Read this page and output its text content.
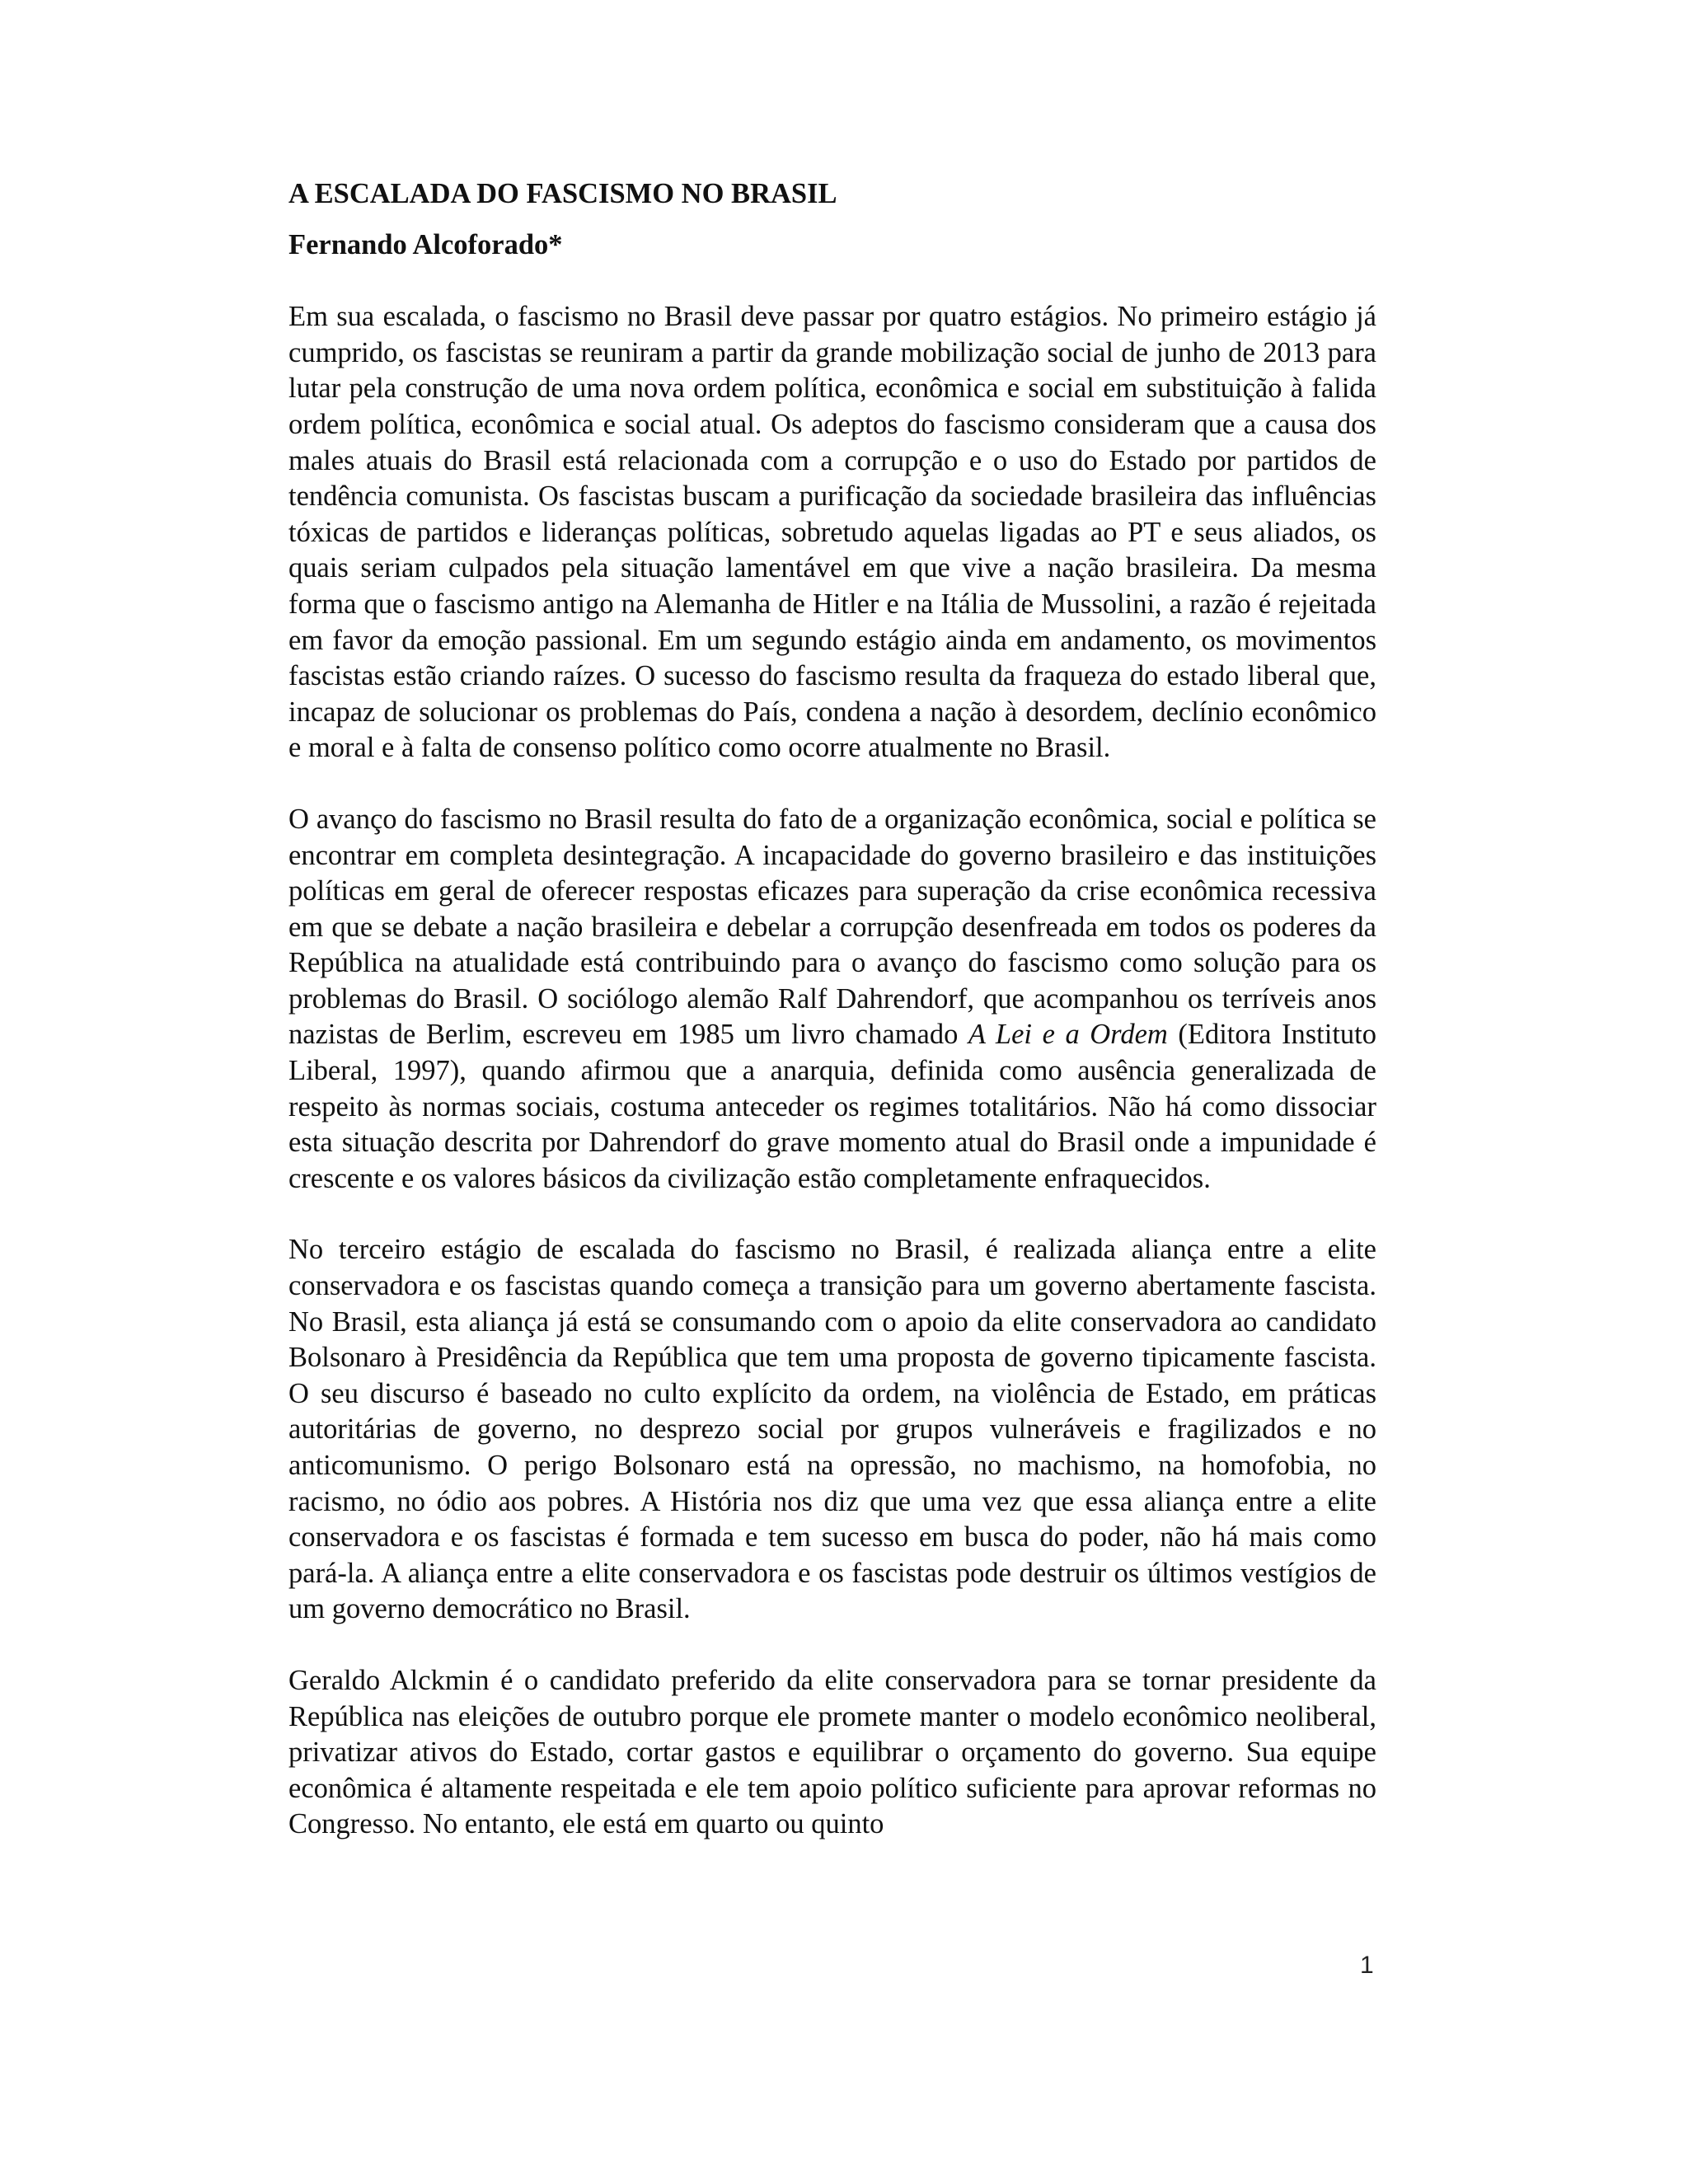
A ESCALADA DO FASCISMO NO BRASIL
Fernando Alcoforado*

Em sua escalada, o fascismo no Brasil deve passar por quatro estágios. No primeiro estágio já cumprido, os fascistas se reuniram a partir da grande mobilização social de junho de 2013 para lutar pela construção de uma nova ordem política, econômica e social em substituição à falida ordem política, econômica e social atual. Os adeptos do fascismo consideram que a causa dos males atuais do Brasil está relacionada com a corrupção e o uso do Estado por partidos de tendência comunista. Os fascistas buscam a purificação da sociedade brasileira das influências tóxicas de partidos e lideranças políticas, sobretudo aquelas ligadas ao PT e seus aliados, os quais seriam culpados pela situação lamentável em que vive a nação brasileira. Da mesma forma que o fascismo antigo na Alemanha de Hitler e na Itália de Mussolini, a razão é rejeitada em favor da emoção passional. Em um segundo estágio ainda em andamento, os movimentos fascistas estão criando raízes. O sucesso do fascismo resulta da fraqueza do estado liberal que, incapaz de solucionar os problemas do País, condena a nação à desordem, declínio econômico e moral e à falta de consenso político como ocorre atualmente no Brasil.

O avanço do fascismo no Brasil resulta do fato de a organização econômica, social e política se encontrar em completa desintegração. A incapacidade do governo brasileiro e das instituições políticas em geral de oferecer respostas eficazes para superação da crise econômica recessiva em que se debate a nação brasileira e debelar a corrupção desenfreada em todos os poderes da República na atualidade está contribuindo para o avanço do fascismo como solução para os problemas do Brasil. O sociólogo alemão Ralf Dahrendorf, que acompanhou os terríveis anos nazistas de Berlim, escreveu em 1985 um livro chamado A Lei e a Ordem (Editora Instituto Liberal, 1997), quando afirmou que a anarquia, definida como ausência generalizada de respeito às normas sociais, costuma anteceder os regimes totalitários. Não há como dissociar esta situação descrita por Dahrendorf do grave momento atual do Brasil onde a impunidade é crescente e os valores básicos da civilização estão completamente enfraquecidos.

No terceiro estágio de escalada do fascismo no Brasil, é realizada aliança entre a elite conservadora e os fascistas quando começa a transição para um governo abertamente fascista. No Brasil, esta aliança já está se consumando com o apoio da elite conservadora ao candidato Bolsonaro à Presidência da República que tem uma proposta de governo tipicamente fascista. O seu discurso é baseado no culto explícito da ordem, na violência de Estado, em práticas autoritárias de governo, no desprezo social por grupos vulneráveis e fragilizados e no anticomunismo. O perigo Bolsonaro está na opressão, no machismo, na homofobia, no racismo, no ódio aos pobres. A História nos diz que uma vez que essa aliança entre a elite conservadora e os fascistas é formada e tem sucesso em busca do poder, não há mais como pará-la. A aliança entre a elite conservadora e os fascistas pode destruir os últimos vestígios de um governo democrático no Brasil.

Geraldo Alckmin é o candidato preferido da elite conservadora para se tornar presidente da República nas eleições de outubro porque ele promete manter o modelo econômico neoliberal, privatizar ativos do Estado, cortar gastos e equilibrar o orçamento do governo. Sua equipe econômica é altamente respeitada e ele tem apoio político suficiente para aprovar reformas no Congresso. No entanto, ele está em quarto ou quinto

1
